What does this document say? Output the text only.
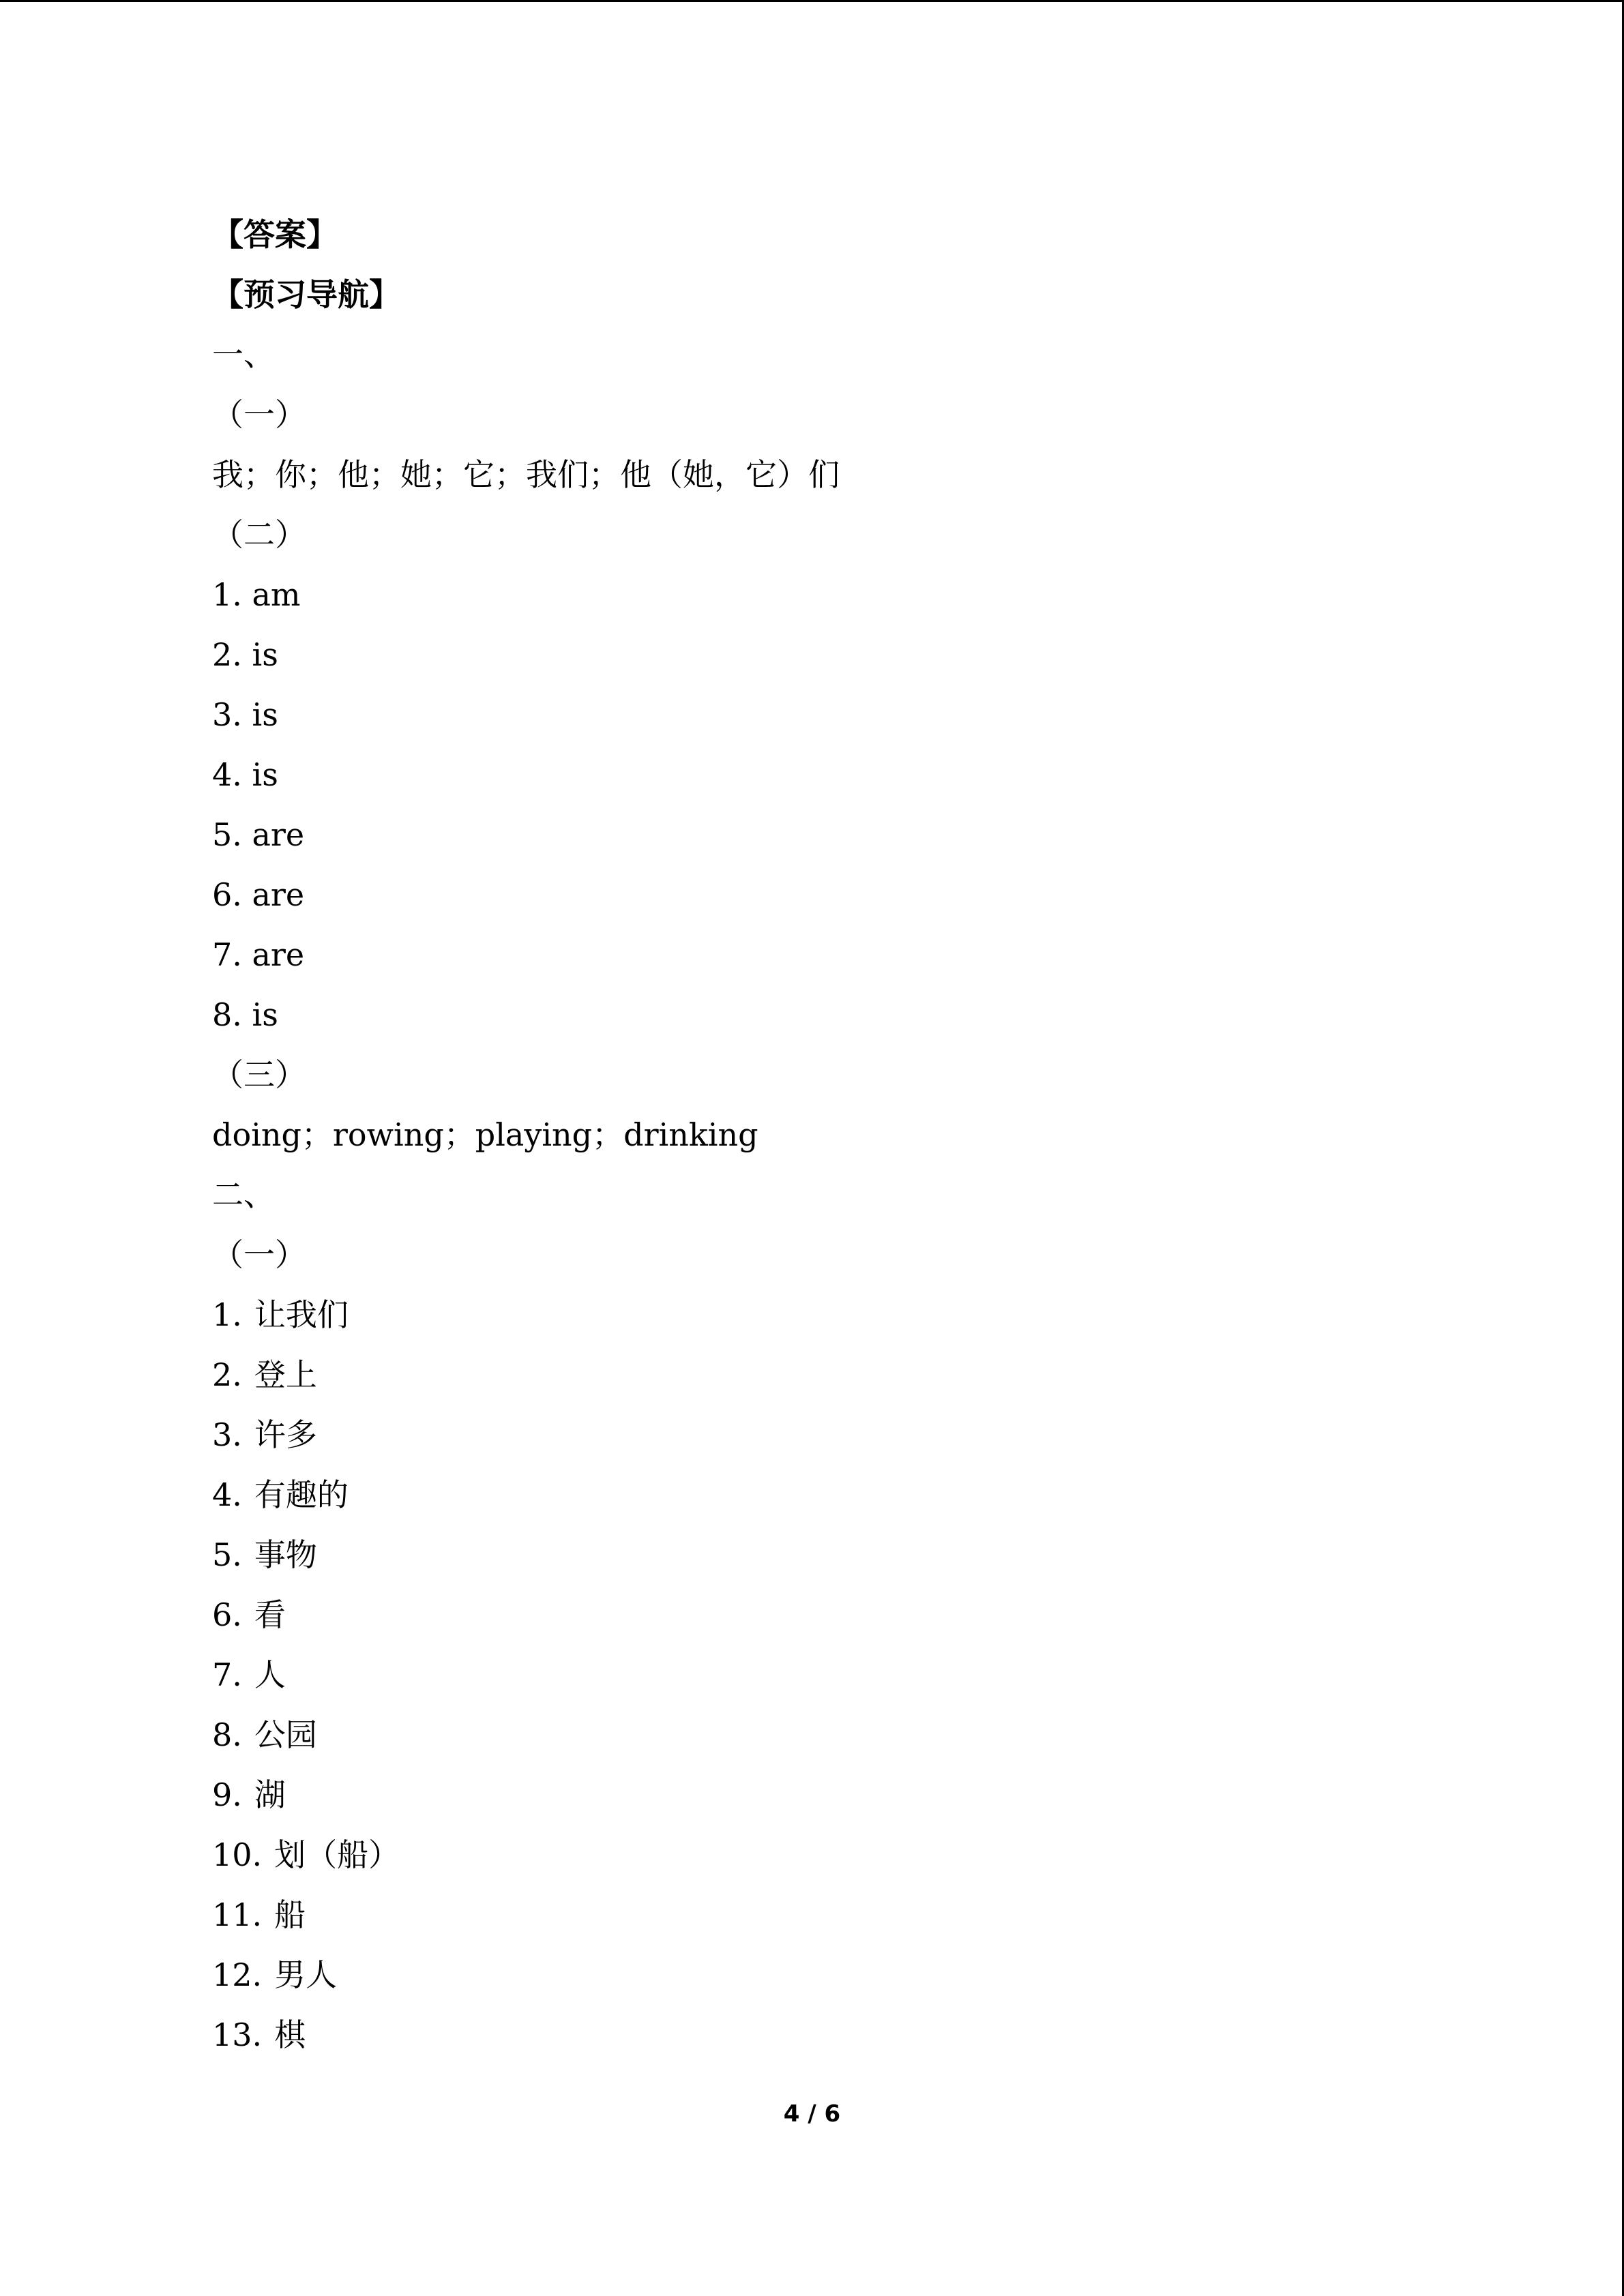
【答案】
【预习导航】
一、
（一）
我；你；他；她；它；我们；他（她，它）们
（二）
1. am
2. is
3. is
4. is
5. are
6. are
7. are
8. is
（三）
doing；rowing；playing；drinking
二、
（一）
1. 让我们
2. 登上
3. 许多
4. 有趣的
5. 事物
6. 看
7. 人
8. 公园
9. 湖
10. 划（船）
11. 船
12. 男人
13. 棋
4 / 6
